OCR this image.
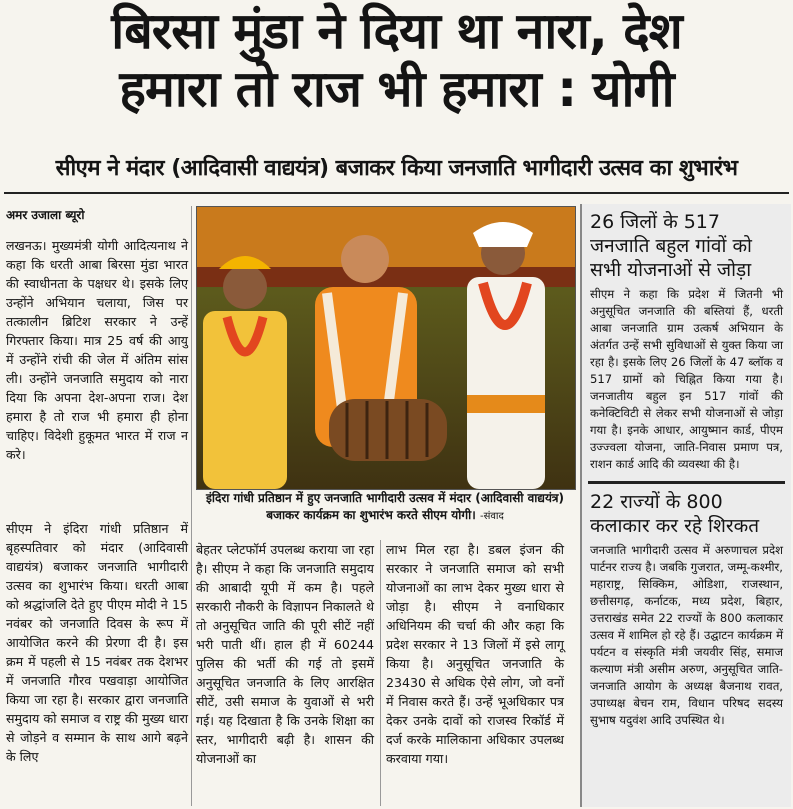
बिरसा मुंडा ने दिया था नारा, देश
हमारा तो राज भी हमारा : योगी
सीएम ने मंदार (आदिवासी वाद्ययंत्र) बजाकर किया जनजाति भागीदारी उत्सव का शुभारंभ
अमर उजाला ब्यूरो

लखनऊ। मुख्यमंत्री योगी आदित्यनाथ ने कहा कि धरती आबा बिरसा मुंडा भारत की स्वाधीनता के पक्षधर थे। इसके लिए उन्होंने अभियान चलाया, जिस पर तत्कालीन ब्रिटिश सरकार ने उन्हें गिरफ्तार किया। मात्र 25 वर्ष की आयु में उन्होंने रांची की जेल में अंतिम सांस ली। उन्होंने जनजाति समुदाय को नारा दिया कि अपना देश-अपना राज। देश हमारा है तो राज भी हमारा ही होना चाहिए। विदेशी हुकूमत भारत में राज न करे।

इंदिरा गांधी प्रतिष्ठान में हुए जनजाति भागीदारी उत्सव में मंदार (आदिवासी वाद्ययंत्र) बजाकर कार्यक्रम का शुभारंभ करते सीएम योगी। -संवाद

सीएम ने इंदिरा गांधी प्रतिष्ठान में बृहस्पतिवार को मंदार (आदिवासी वाद्ययंत्र) बजाकर जनजाति भागीदारी उत्सव का शुभारंभ किया। धरती आबा को श्रद्धांजलि देते हुए पीएम मोदी ने 15 नवंबर को जनजाति दिवस के रूप में आयोजित करने की प्रेरणा दी है। इस क्रम में पहली से 15 नवंबर तक देशभर में जनजाति गौरव पखवाड़ा आयोजित किया जा रहा है। सरकार द्वारा जनजाति समुदाय को समाज व राष्ट्र की मुख्य धारा से जोड़ने व सम्मान के साथ आगे बढ़ने के लिए

बेहतर प्लेटफॉर्म उपलब्ध कराया जा रहा है। सीएम ने कहा कि जनजाति समुदाय की आबादी यूपी में कम है। पहले सरकारी नौकरी के विज्ञापन निकालते थे तो अनुसूचित जाति की पूरी सीटें नहीं भरी पाती थीं। हाल ही में 60244 पुलिस की भर्ती की गई तो इसमें अनुसूचित जनजाति के लिए आरक्षित सीटें, उसी समाज के युवाओं से भरी गई। यह दिखाता है कि उनके शिक्षा का स्तर, भागीदारी बढ़ी है। शासन की योजनाओं का

लाभ मिल रहा है। डबल इंजन की सरकार ने जनजाति समाज को सभी योजनाओं का लाभ देकर मुख्य धारा से जोड़ा है। सीएम ने वनाधिकार अधिनियम की चर्चा की और कहा कि प्रदेश सरकार ने 13 जिलों में इसे लागू किया है। अनुसूचित जनजाति के 23430 से अधिक ऐसे लोग, जो वनों में निवास करते हैं। उन्हें भूअधिकार पत्र देकर उनके दावों को राजस्व रिकॉर्ड में दर्ज करके मालिकाना अधिकार उपलब्ध करवाया गया।

26 जिलों के 517 जनजाति बहुल गांवों को सभी योजनाओं से जोड़ा

सीएम ने कहा कि प्रदेश में जितनी भी अनुसूचित जनजाति की बस्तियां हैं, धरती आबा जनजाति ग्राम उत्कर्ष अभियान के अंतर्गत उन्हें सभी सुविधाओं से युक्त किया जा रहा है। इसके लिए 26 जिलों के 47 ब्लॉक व 517 ग्रामों को चिह्नित किया गया है। जनजातीय बहुल इन 517 गांवों की कनेक्टिविटी से लेकर सभी योजनाओं से जोड़ा गया है। इनके आधार, आयुष्मान कार्ड, पीएम उज्ज्वला योजना, जाति-निवास प्रमाण पत्र, राशन कार्ड आदि की व्यवस्था की है।

22 राज्यों के 800 कलाकार कर रहे शिरकत

जनजाति भागीदारी उत्सव में अरुणाचल प्रदेश पार्टनर राज्य है। जबकि गुजरात, जम्मू-कश्मीर, महाराष्ट्र, सिक्किम, ओडिशा, राजस्थान, छत्तीसगढ़, कर्नाटक, मध्य प्रदेश, बिहार, उत्तराखंड समेत 22 राज्यों के 800 कलाकार उत्सव में शामिल हो रहे हैं। उद्घाटन कार्यक्रम में पर्यटन व संस्कृति मंत्री जयवीर सिंह, समाज कल्याण मंत्री असीम अरुण, अनुसूचित जाति-जनजाति आयोग के अध्यक्ष बैजनाथ रावत, उपाध्यक्ष बेचन राम, विधान परिषद सदस्य सुभाष यदुवंश आदि उपस्थित थे।
